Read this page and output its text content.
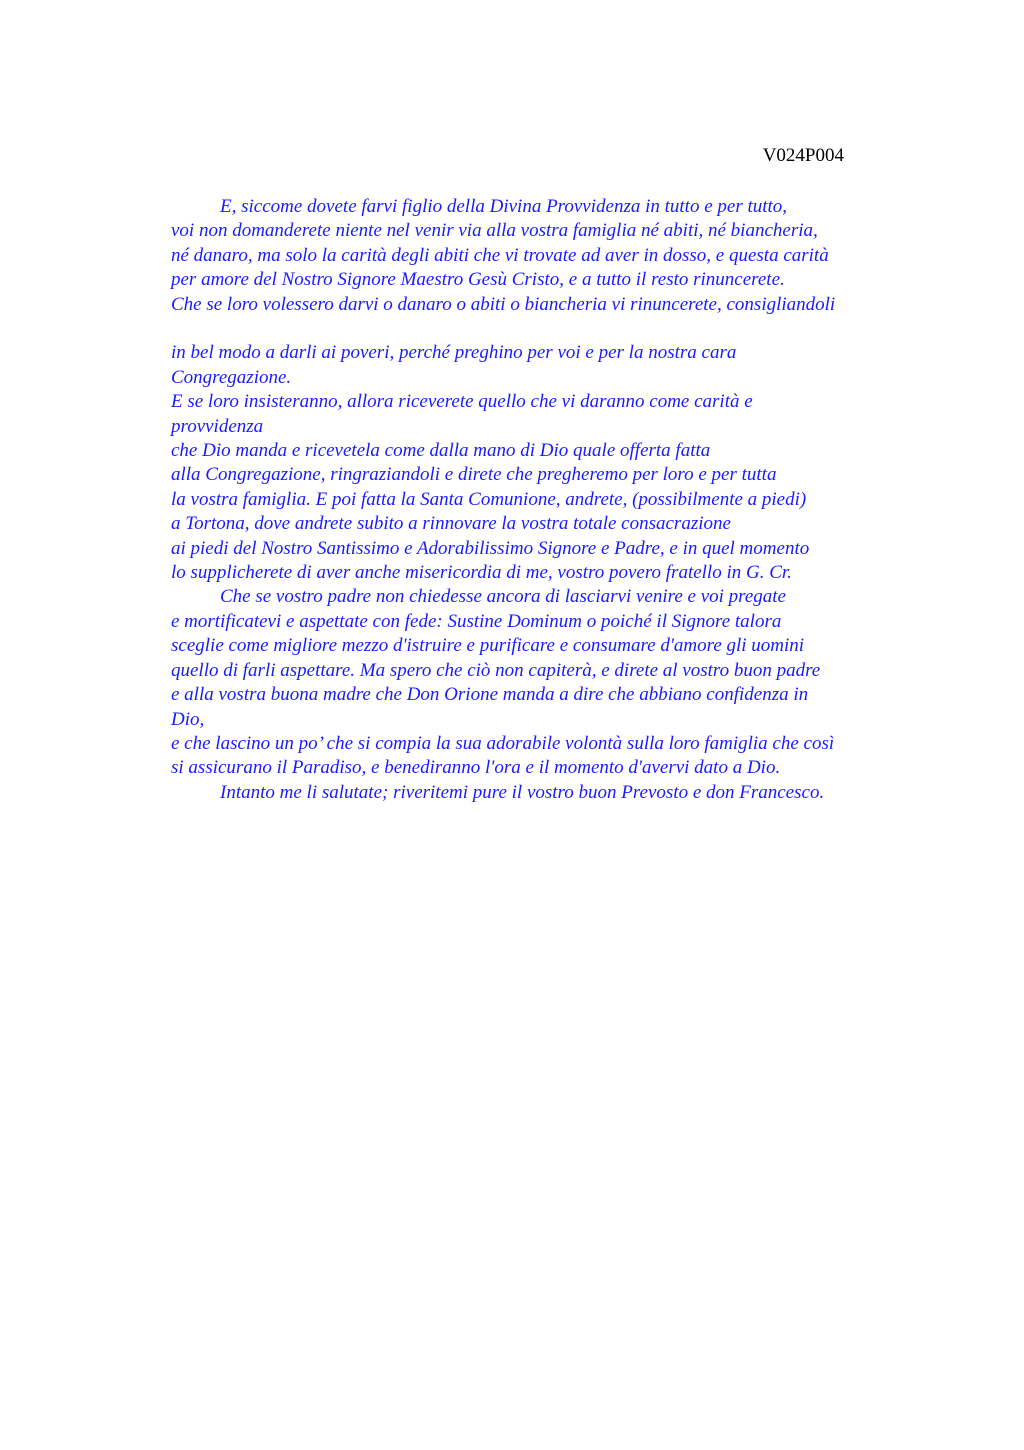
V024P004
E, siccome dovete farvi figlio della Divina Provvidenza in tutto e per tutto,
voi non domanderete niente nel venir via alla vostra famiglia né abiti, né biancheria,
né danaro, ma solo la carità degli abiti che vi trovate ad aver in dosso, e questa carità
per amore del Nostro Signore Maestro Gesù Cristo, e a tutto il resto rinuncerete.
Che se loro volessero darvi o danaro o abiti o biancheria vi rinuncerete, consigliandoli
in bel modo a darli ai poveri, perché preghino per voi e per la nostra cara
Congregazione.
E se loro insisteranno, allora riceverete quello che vi daranno come carità e
provvidenza
che Dio manda e ricevetela come dalla mano di Dio quale offerta fatta
alla Congregazione, ringraziandoli e direte che pregheremo per loro e per tutta
la vostra famiglia. E poi fatta la Santa Comunione, andrete, (possibilmente a piedi)
a Tortona, dove andrete subito a rinnovare la vostra totale consacrazione
ai piedi del Nostro Santissimo e Adorabilissimo Signore e Padre, e in quel momento
lo supplicherete di aver anche misericordia di me, vostro povero fratello in G. Cr.
Che se vostro padre non chiedesse ancora di lasciarvi venire e voi pregate
e mortificatevi e aspettate con fede: Sustine Dominum o poiché il Signore talora
sceglie come migliore mezzo d'istruire e purificare e consumare d'amore gli uomini
quello di farli aspettare. Ma spero che ciò non capiterà, e direte al vostro buon padre
e alla vostra buona madre che Don Orione manda a dire che abbiano confidenza in
Dio,
e che lascino un po’ che si compia la sua adorabile volontà sulla loro famiglia che così
si assicurano il Paradiso, e benediranno l'ora e il momento d'avervi dato a Dio.
Intanto me li salutate; riveritemi pure il vostro buon Prevosto e don Francesco.
